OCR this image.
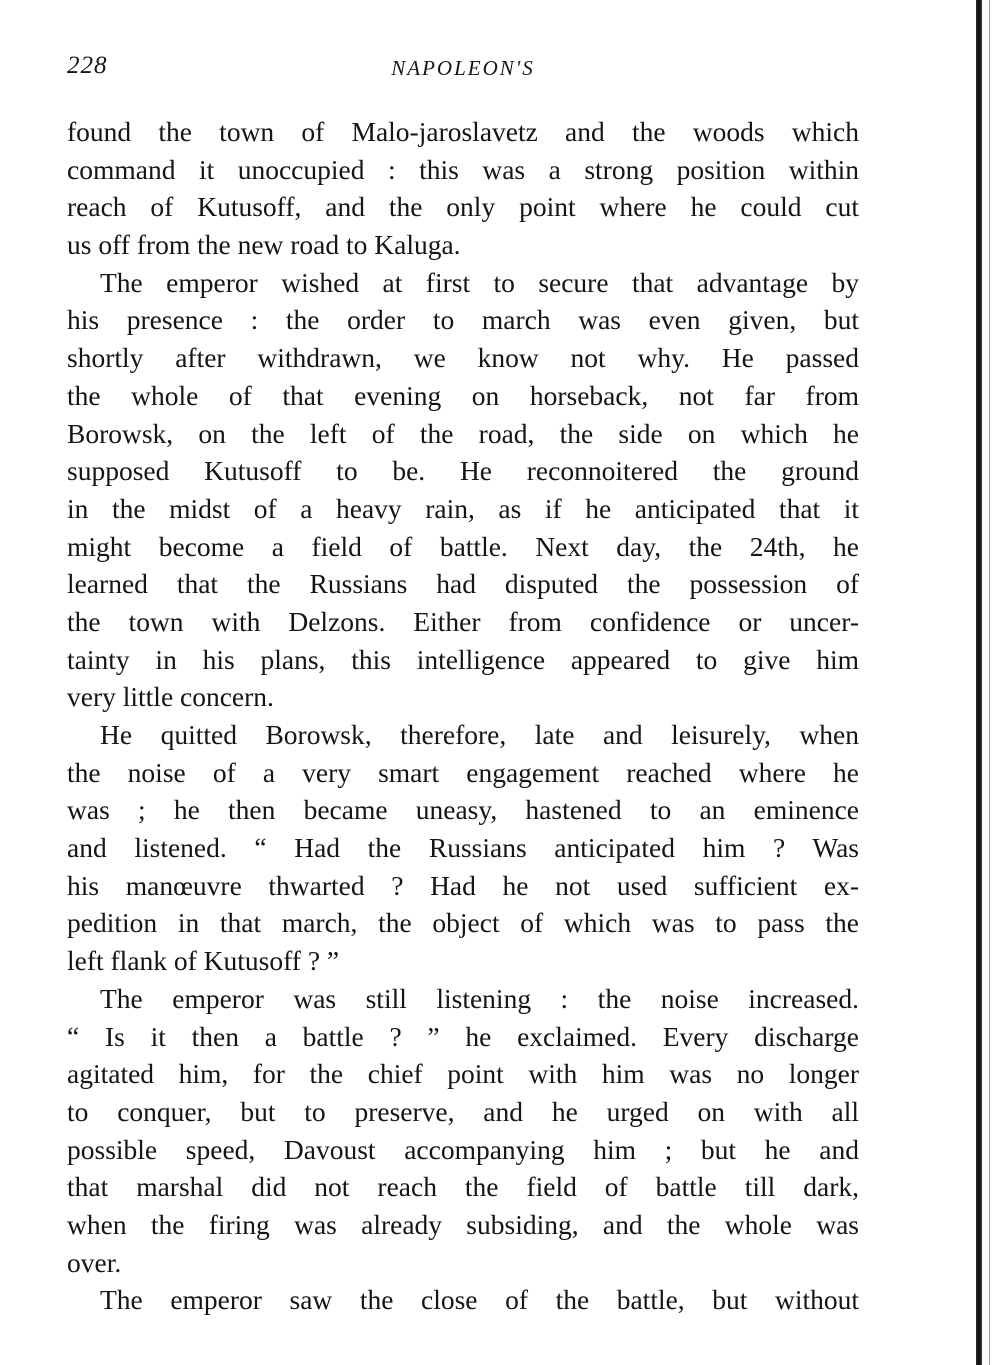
228	NAPOLEON'S
found the town of Malo-jaroslavetz and the woods which
command it unoccupied : this was a strong position within
reach of Kutusoff, and the only point where he could cut
us off from the new road to Kaluga.
The emperor wished at first to secure that advantage by
his presence : the order to march was even given, but
shortly after withdrawn, we know not why. He passed
the whole of that evening on horseback, not far from
Borowsk, on the left of the road, the side on which he
supposed Kutusoff to be. He reconnoitered the ground
in the midst of a heavy rain, as if he anticipated that it
might become a field of battle. Next day, the 24th, he
learned that the Russians had disputed the possession of
the town with Delzons. Either from confidence or uncer-
tainty in his plans, this intelligence appeared to give him
very little concern.
He quitted Borowsk, therefore, late and leisurely, when
the noise of a very smart engagement reached where he
was ; he then became uneasy, hastened to an eminence
and listened. “ Had the Russians anticipated him ? Was
his manœuvre thwarted ? Had he not used sufficient ex-
pedition in that march, the object of which was to pass the
left flank of Kutusoff ? ”
The emperor was still listening : the noise increased.
“ Is it then a battle ? ” he exclaimed. Every discharge
agitated him, for the chief point with him was no longer
to conquer, but to preserve, and he urged on with all
possible speed, Davoust accompanying him ; but he and
that marshal did not reach the field of battle till dark,
when the firing was already subsiding, and the whole was
over.
The emperor saw the close of the battle, but without
